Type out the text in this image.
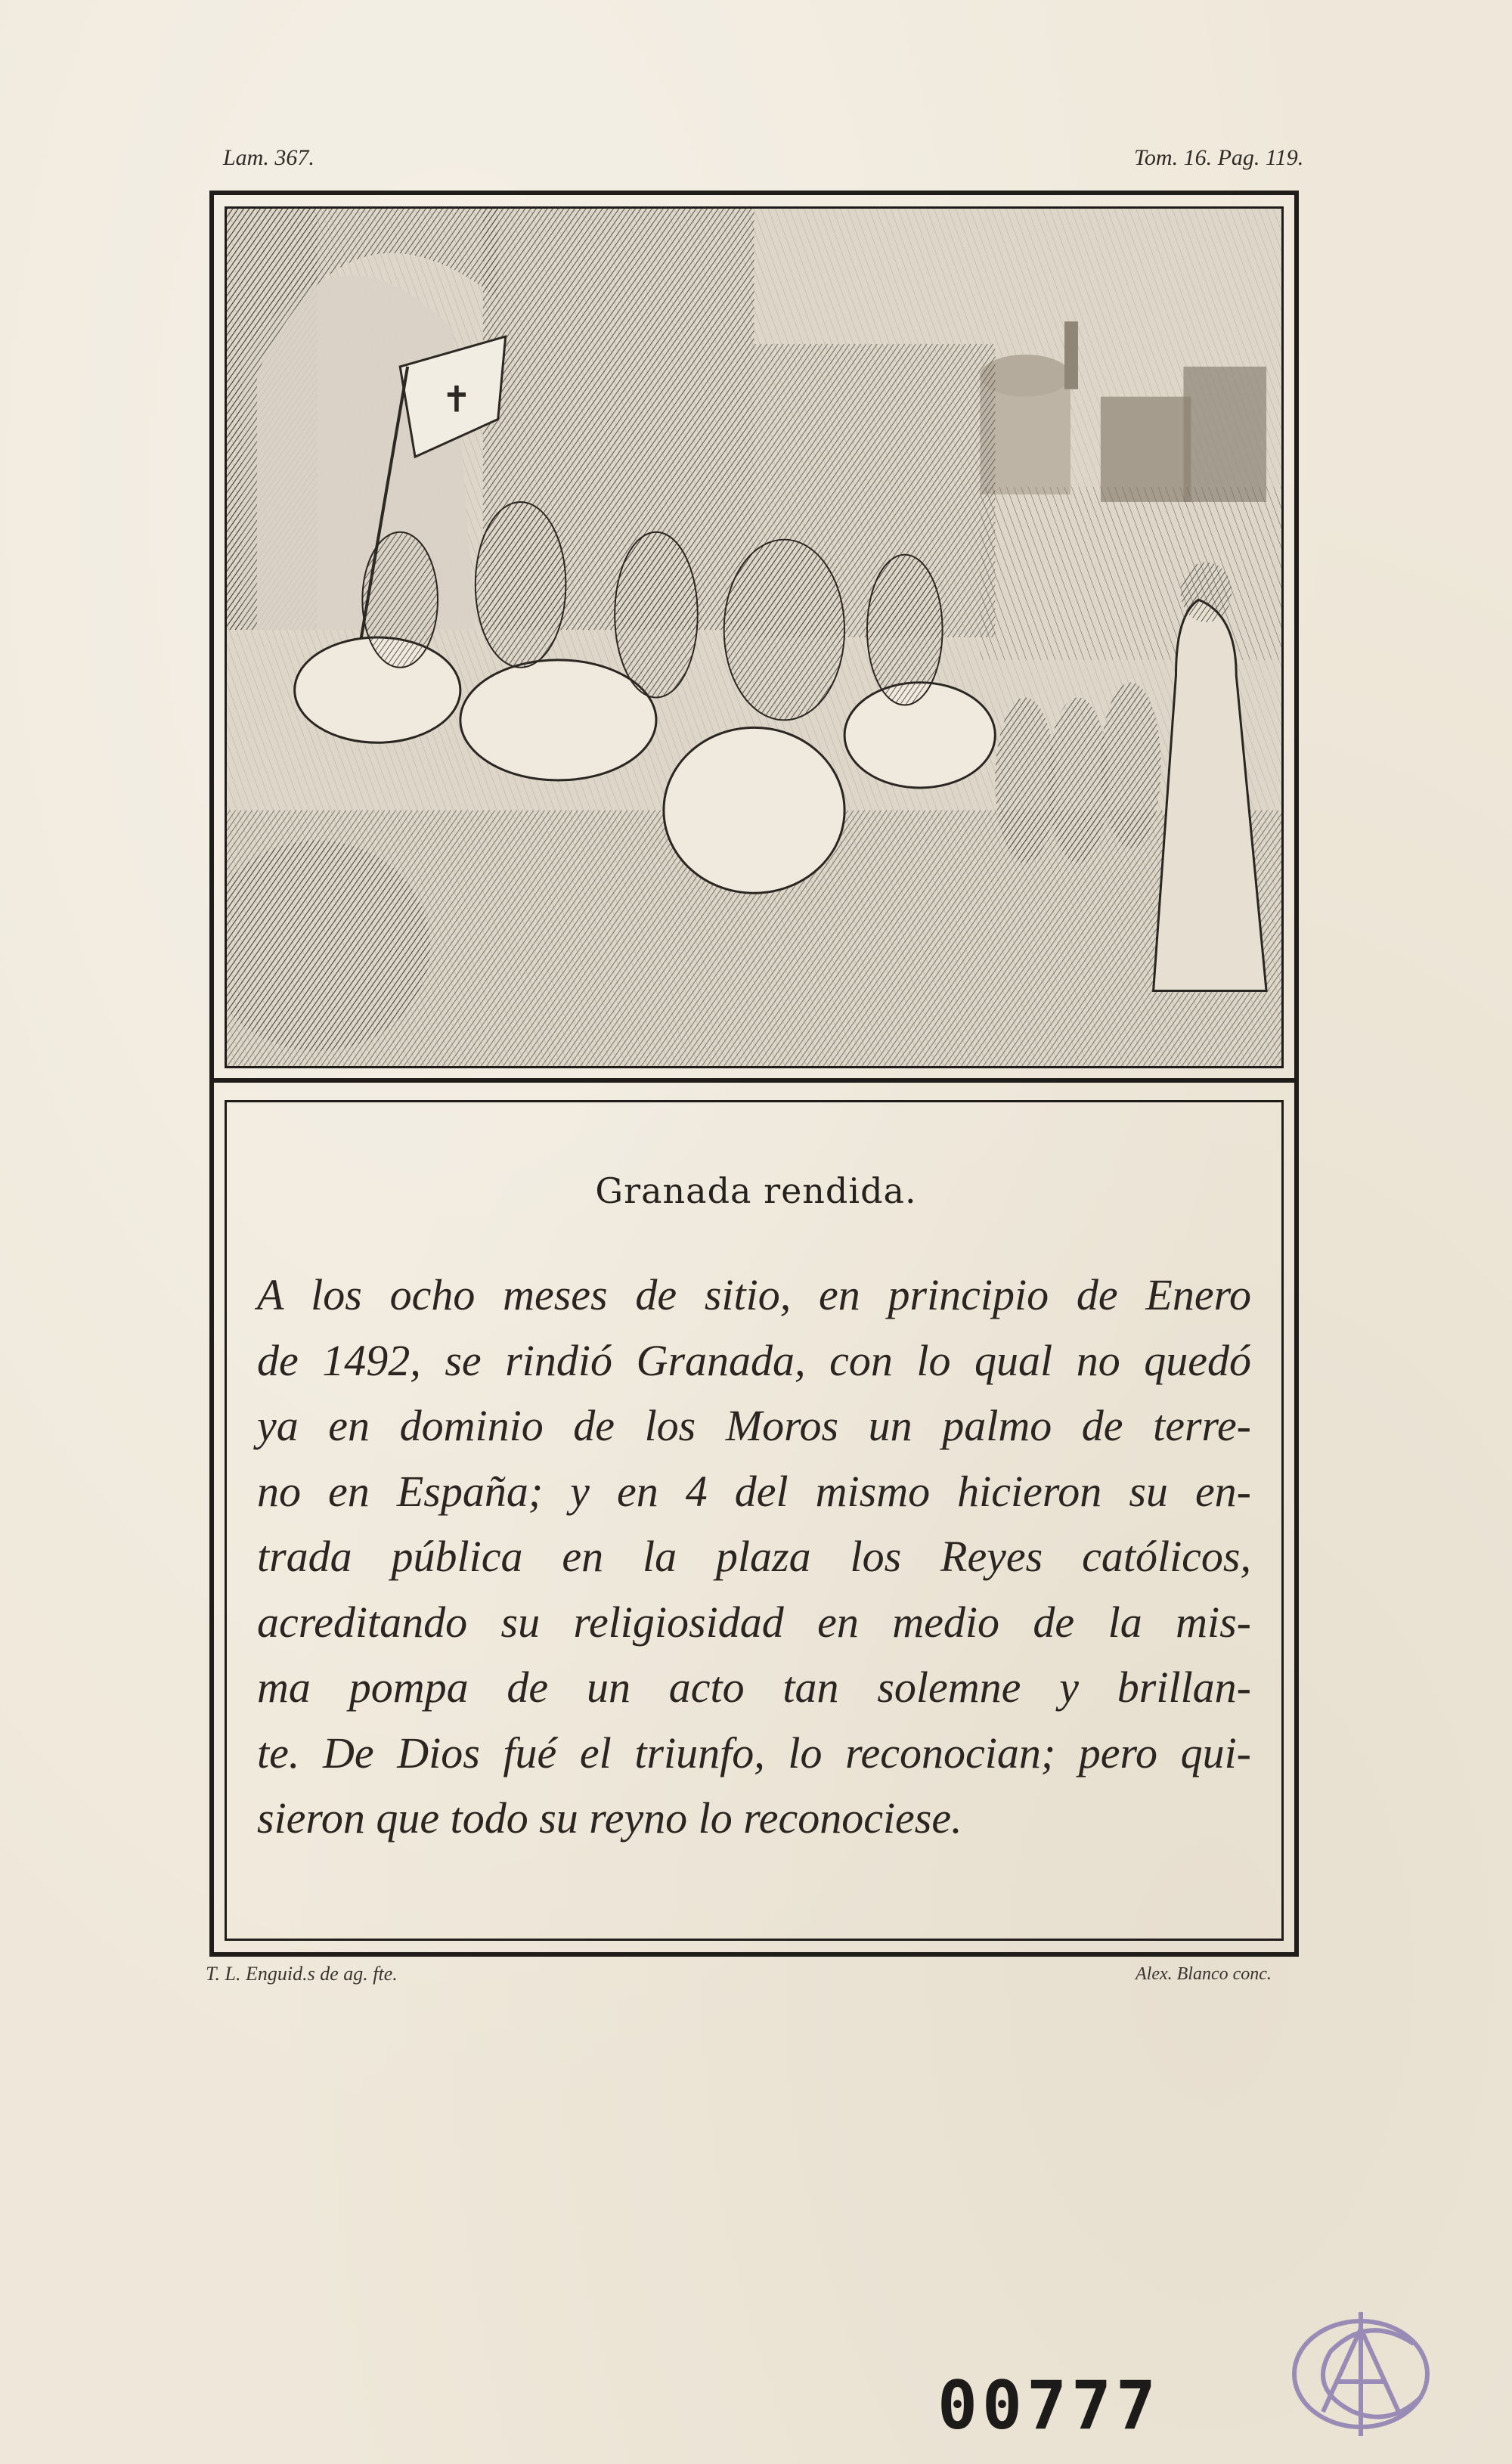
Lam. 367.	Tom. 16. Pag. 119.
✝
Granada rendida.
A los ocho meses de sitio, en principio de Enero
de 1492, se rindió Granada, con lo qual no quedó
ya en dominio de los Moros un palmo de terre-
no en España; y en 4 del mismo hicieron su en-
trada pública en la plaza los Reyes católicos,
acreditando su religiosidad en medio de la mis-
ma pompa de un acto tan solemne y brillan-
te. De Dios fué el triunfo, lo reconocian; pero qui-
sieron que todo su reyno lo reconociese.
T. L. Enguid.s de ag. fte.	Alex. Blanco conc.
00777
